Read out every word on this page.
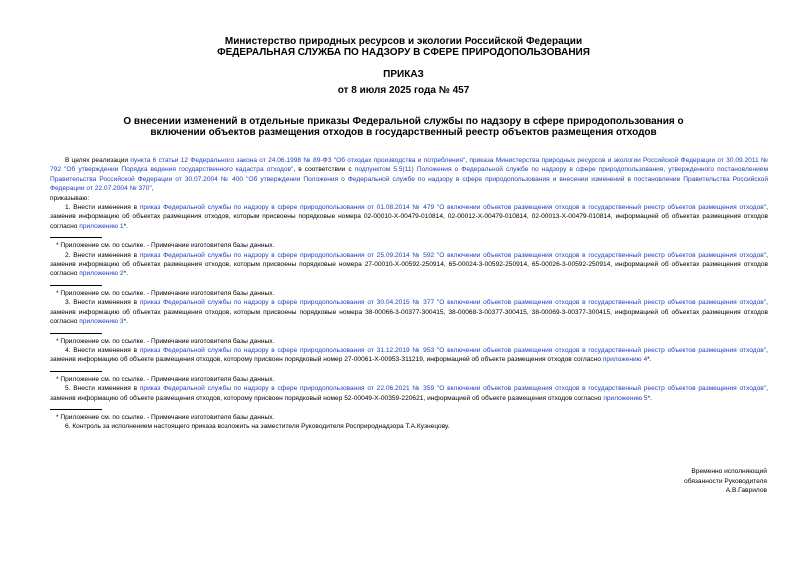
Министерство природных ресурсов и экологии Российской Федерации
ФЕДЕРАЛЬНАЯ СЛУЖБА ПО НАДЗОРУ В СФЕРЕ ПРИРОДОПОЛЬЗОВАНИЯ
ПРИКАЗ
от 8 июля 2025 года № 457
О внесении изменений в отдельные приказы Федеральной службы по надзору в сфере природопользования о включении объектов размещения отходов в государственный реестр объектов размещения отходов

В целях реализации пункта 6 статьи 12 Федерального закона от 24.06.1998 № 89-ФЗ "Об отходах производства и потребления", приказа Министерства природных ресурсов и экологии Российской Федерации от 30.09.2011 № 792 "Об утверждении Порядка ведения государственного кадастра отходов", в соответствии с подпунктом 5.5(11) Положения о Федеральной службе по надзору в сфере природопользования, утвержденного постановлением Правительства Российской Федерации от 30.07.2004 № 400 "Об утверждении Положения о Федеральной службе по надзору в сфере природопользования и внесении изменений в постановление Правительства Российской Федерации от 22.07.2004 № 370",

приказываю:

1. Внести изменения в приказ Федеральной службы по надзору в сфере природопользования от 01.08.2014 № 479 "О включении объектов размещения отходов в государственный реестр объектов размещения отходов", заменив информацию об объектах размещения отходов, которым присвоены порядковые номера 02-00010-Х-00479-010814, 02-00012-Х-00479-010814, 02-00013-Х-00479-010814, информацией об объектах размещения отходов согласно приложению 1*.

* Приложение см. по ссылке. - Примечание изготовителя базы данных.

2. Внести изменения в приказ Федеральной службы по надзору в сфере природопользования от 25.09.2014 № 592 "О включении объектов размещения отходов в государственный реестр объектов размещения отходов", заменив информацию об объектах размещения отходов, которым присвоены порядковые номера 27-00010-Х-00592-250914, 65-00024-3-00592-250914, 65-00026-3-00592-250914, информацией об объектах размещения отходов согласно приложению 2*.

* Приложение см. по ссылке. - Примечание изготовителя базы данных.

3. Внести изменения в приказ Федеральной службы по надзору в сфере природопользования от 30.04.2015 № 377 "О включении объектов размещения отходов в государственный реестр объектов размещения отходов", заменив информацию об объектах размещения отходов, которым присвоены порядковые номера 38-00066-3-00377-300415, 38-00068-3-00377-300415, 38-00069-3-00377-300415, информацией об объектах размещения отходов согласно приложению 3*.

* Приложение см. по ссылке. - Примечание изготовителя базы данных.

4. Внести изменения в приказ Федеральной службы по надзору в сфере природопользования от 31.12.2019 № 953 "О включении объектов размещения отходов в государственный реестр объектов размещения отходов", заменив информацию об объекте размещения отходов, которому присвоен порядковый номер 27-00061-Х-00953-311219, информацией об объекте размещения отходов согласно приложению 4*.

* Приложение см. по ссылке. - Примечание изготовителя базы данных.

5. Внести изменения в приказ Федеральной службы по надзору в сфере природопользования от 22.06.2021 № 359 "О включении объектов размещения отходов в государственный реестр объектов размещения отходов", заменив информацию об объекте размещения отходов, которому присвоен порядковый номер 52-00049-Х-00359-220621, информацией об объекте размещения отходов согласно приложению 5*.

* Приложение см. по ссылке. - Примечание изготовителя базы данных.

6. Контроль за исполнением настоящего приказа возложить на заместителя Руководителя Росприроднадзора Т.А.Кузнецову.

Временно исполняющий
обязанности Руководителя
А.В.Гаврилов
